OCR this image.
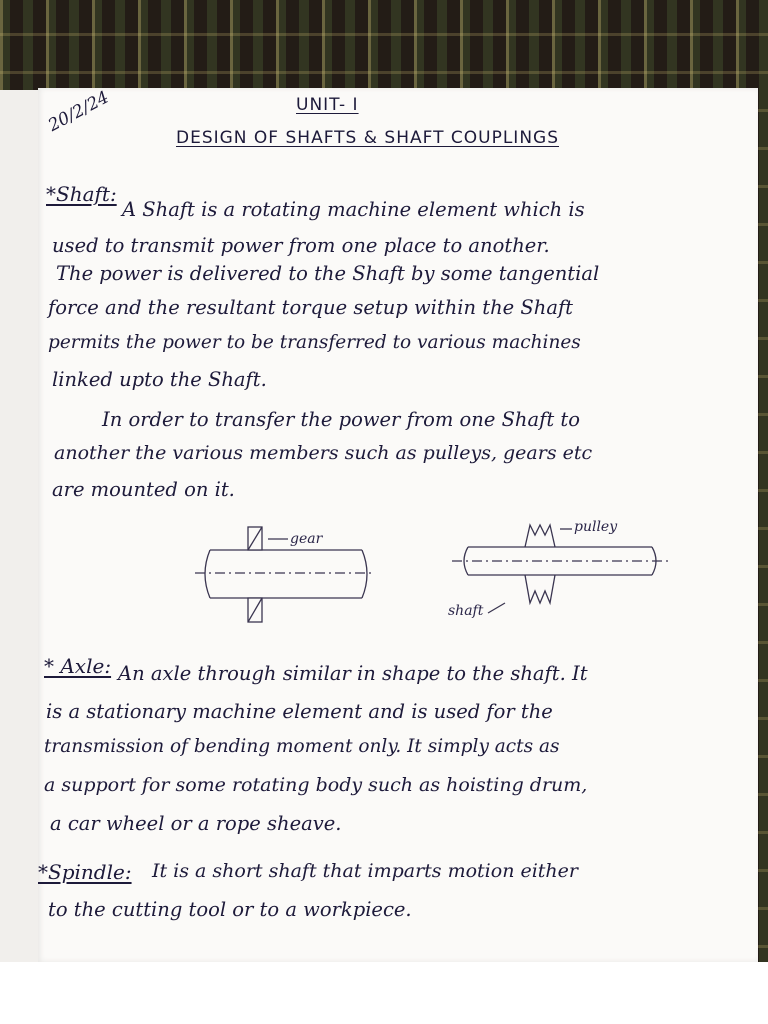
20/2/24	UNIT- I
DESIGN OF SHAFTS & SHAFT COUPLINGS
*Shaft:
A Shaft is a rotating machine element which is
used to transmit power from one place to another.
The power is delivered to the Shaft by some tangential
force and the resultant torque setup within the Shaft
permits the power to be transferred to various machines
linked upto the Shaft.
In order to transfer the power from one Shaft to
another the various members such as pulleys, gears etc
are mounted on it.
gear
pulley
shaft
* Axle: An axle through similar in shape to the shaft. It
is a stationary machine element and is used for the
transmission of bending moment only. It simply acts as
a support for some rotating body such as hoisting drum,
a car wheel or a rope sheave.
*Spindle: It is a short shaft that imparts motion either
to the cutting tool or to a workpiece.
